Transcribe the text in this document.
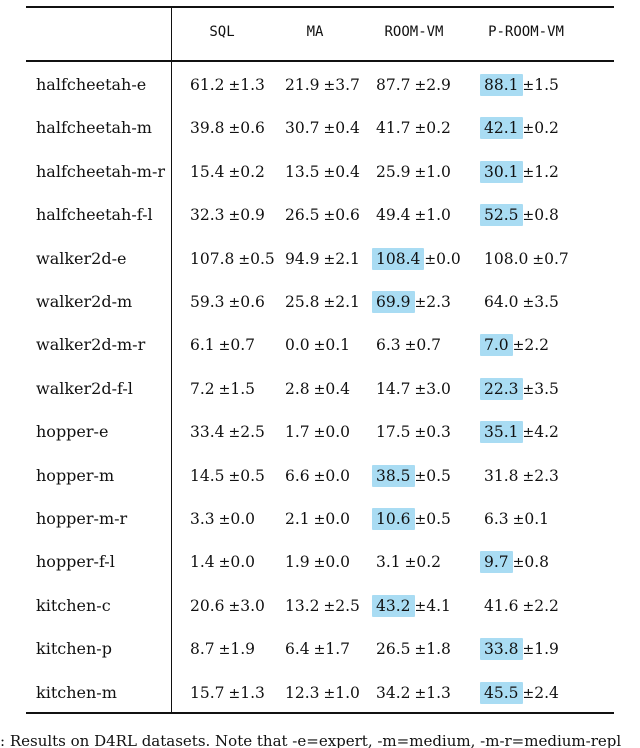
SQL	MA	ROOM-VM	P-ROOM-VM
halfcheetah-e	61.2 ±1.3 21.9 ±3.7 87.7 ±2.9 88.1 ±1.5
halfcheetah-m 39.8 ±0.6 30.7 ±0.4 41.7 ±0.2 42.1 ±0.2
halfcheetah-m-r 15.4 ±0.2 13.5 ±0.4 25.9 ±1.0 30.1 ±1.2
halfcheetah-f-l 32.3 ±0.9 26.5 ±0.6 49.4 ±1.0 52.5 ±0.8
walker2d-e	107.8 ±0.5 94.9 ±2.1 108.4 ±0.0 108.0 ±0.7
walker2d-m	59.3 ±0.6 25.8 ±2.1 69.9 ±2.3 64.0 ±3.5
walker2d-m-r	6.1 ±0.7 0.0 ±0.1 6.3 ±0.7	7.0 ±2.2
walker2d-f-l	7.2 ±1.5 2.8 ±0.4 14.7 ±3.0 22.3 ±3.5
hopper-e	33.4 ±2.5 1.7 ±0.0 17.5 ±0.3 35.1 ±4.2
hopper-m	14.5 ±0.5 6.6 ±0.0 38.5 ±0.5 31.8 ±2.3
hopper-m-r	3.3 ±0.0 2.1 ±0.0 10.6 ±0.5 6.3 ±0.1
hopper-f-l	1.4 ±0.0 1.9 ±0.0 3.1 ±0.2	9.7 ±0.8
kitchen-c	20.6 ±3.0 13.2 ±2.5 43.2 ±4.1 41.6 ±2.2
kitchen-p	8.7 ±1.9 6.4 ±1.7 26.5 ±1.8 33.8 ±1.9
kitchen-m	15.7 ±1.3 12.3 ±1.0 34.2 ±1.3 45.5 ±2.4
: Results on D4RL datasets. Note that -e=expert, -m=medium, -m-r=medium-repl
